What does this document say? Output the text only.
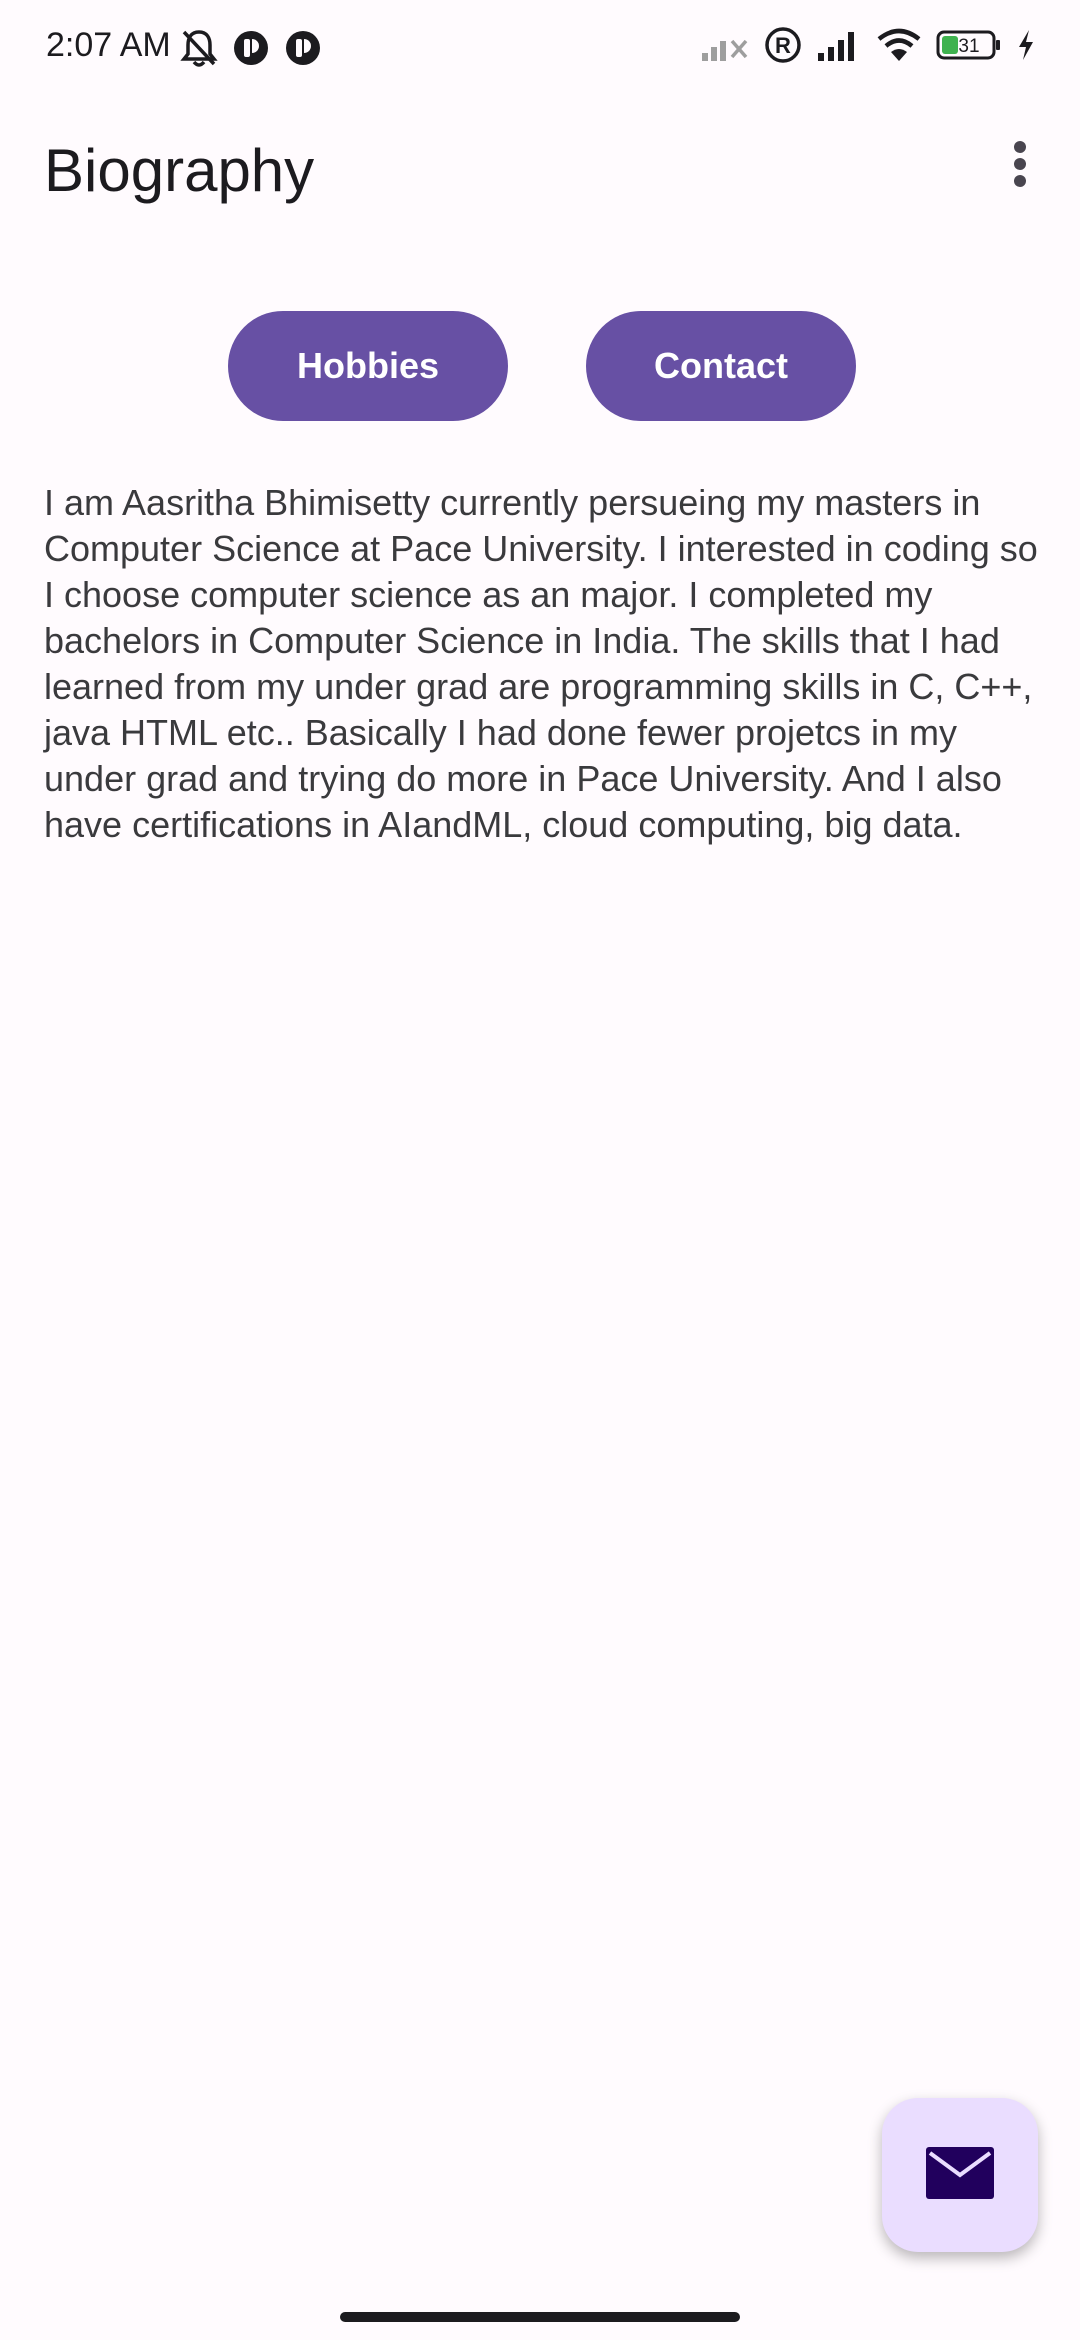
2:07 AM	R	31
Biography
Hobbies	Contact

I am Aasritha Bhimisetty currently persueing my masters in Computer Science at Pace University. I interested in coding so I choose computer science as an major. I completed my bachelors in Computer Science in India. The skills that I had learned from my under grad are programming skills in C, C++, java HTML etc.. Basically I had done fewer projetcs in my under grad and trying do more in Pace University. And I also have certifications in AIandML, cloud computing, big data.
